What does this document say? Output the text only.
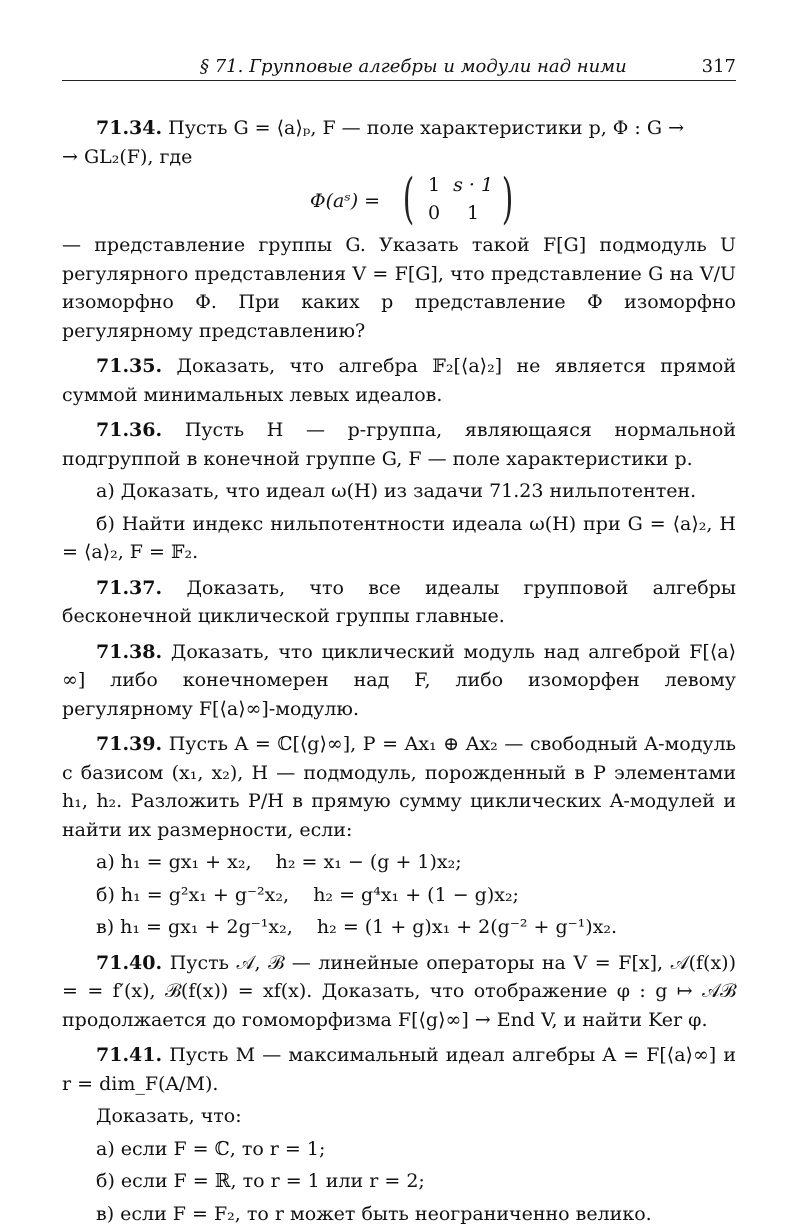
§ 71. Групповые алгебры и модули над ними	317

71.34. Пусть G = ⟨a⟩ₚ, F — поле характеристики p, Φ : G →

→ GL₂(F), где

Φ(aˢ) = ( 1 s · 1
0	1 )

— представление группы G. Указать такой F[G] подмодуль U регулярного представления V = F[G], что представление G на V/U изоморфно Φ. При каких p представление Φ изоморфно регулярному представлению?

71.35. Доказать, что алгебра 𝔽₂[⟨a⟩₂] не является прямой суммой минимальных левых идеалов.

71.36. Пусть H — p-группа, являющаяся нормальной подгруппой в конечной группе G, F — поле характеристики p.

а) Доказать, что идеал ω(H) из задачи 71.23 нильпотентен.

б) Найти индекс нильпотентности идеала ω(H) при G = ⟨a⟩₂, H = ⟨a⟩₂, F = 𝔽₂.

71.37. Доказать, что все идеалы групповой алгебры бесконечной циклической группы главные.

71.38. Доказать, что циклический модуль над алгеброй F[⟨a⟩∞] либо конечномерен над F, либо изоморфен левому регулярному F[⟨a⟩∞]-модулю.

71.39. Пусть A = ℂ[⟨g⟩∞], P = Ax₁ ⊕ Ax₂ — свободный A-модуль с базисом (x₁, x₂), H — подмодуль, порожденный в P элементами h₁, h₂. Разложить P/H в прямую сумму циклических A-модулей и найти их размерности, если:

а) h₁ = gx₁ + x₂,    h₂ = x₁ − (g + 1)x₂;

б) h₁ = g²x₁ + g⁻²x₂,    h₂ = g⁴x₁ + (1 − g)x₂;

в) h₁ = gx₁ + 2g⁻¹x₂,    h₂ = (1 + g)x₁ + 2(g⁻² + g⁻¹)x₂.

71.40. Пусть 𝒜, ℬ — линейные операторы на V = F[x], 𝒜(f(x)) = = f′(x), ℬ(f(x)) = xf(x). Доказать, что отображение φ : g ↦ 𝒜ℬ продолжается до гомоморфизма F[⟨g⟩∞] → End V, и найти Ker φ.

71.41. Пусть M — максимальный идеал алгебры A = F[⟨a⟩∞] и r = dim_F(A/M).

Доказать, что:

а) если F = ℂ, то r = 1;

б) если F = ℝ, то r = 1 или r = 2;

в) если F = F₂, то r может быть неограниченно велико.
